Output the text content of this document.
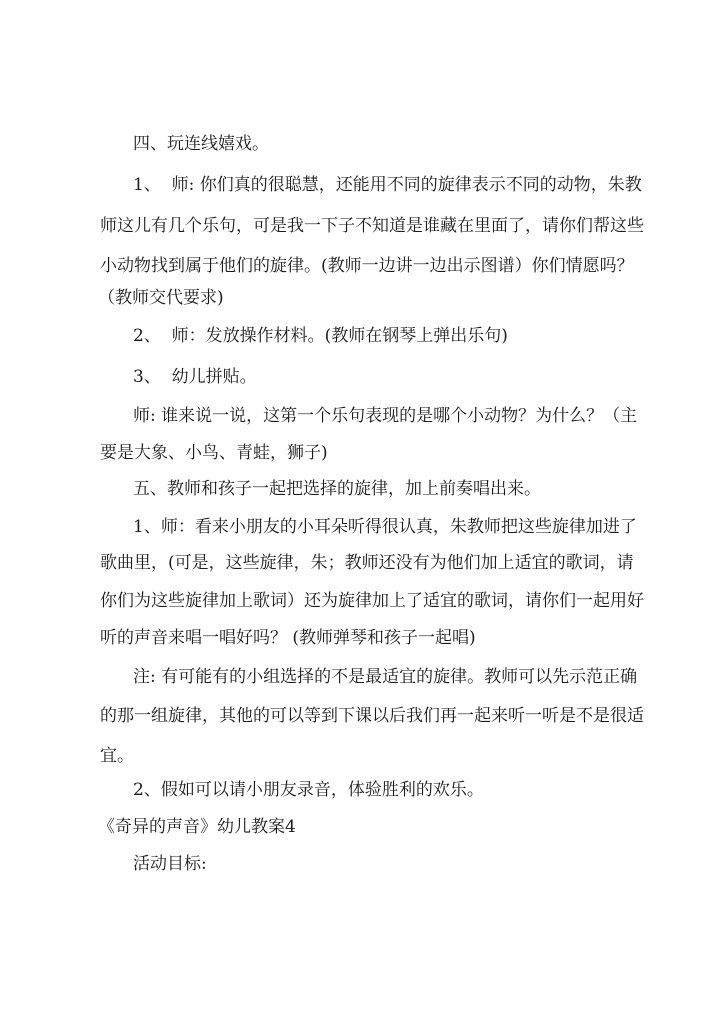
四、玩连线嬉戏。
1、  师: 你们真的很聪慧，还能用不同的旋律表示不同的动物，朱教
师这儿有几个乐句，可是我一下子不知道是谁藏在里面了，请你们帮这些
小动物找到属于他们的旋律。(教师一边讲一边出示图谱）你们情愿吗？
（教师交代要求)
2、  师：发放操作材料。(教师在钢琴上弹出乐句)
3、  幼儿拼贴。
师: 谁来说一说，这第一个乐句表现的是哪个小动物？为什么？（主
要是大象、小鸟、青蛙，狮子)
五、教师和孩子一起把选择的旋律，加上前奏唱出来。
1、师：看来小朋友的小耳朵听得很认真，朱教师把这些旋律加进了
歌曲里，(可是，这些旋律，朱；教师还没有为他们加上适宜的歌词，请
你们为这些旋律加上歌词）还为旋律加上了适宜的歌词，请你们一起用好
听的声音来唱一唱好吗？ (教师弹琴和孩子一起唱)
注: 有可能有的小组选择的不是最适宜的旋律。教师可以先示范正确
的那一组旋律，其他的可以等到下课以后我们再一起来听一听是不是很适
宜。
2、假如可以请小朋友录音，体验胜利的欢乐。
《奇异的声音》幼儿教案4
活动目标:
